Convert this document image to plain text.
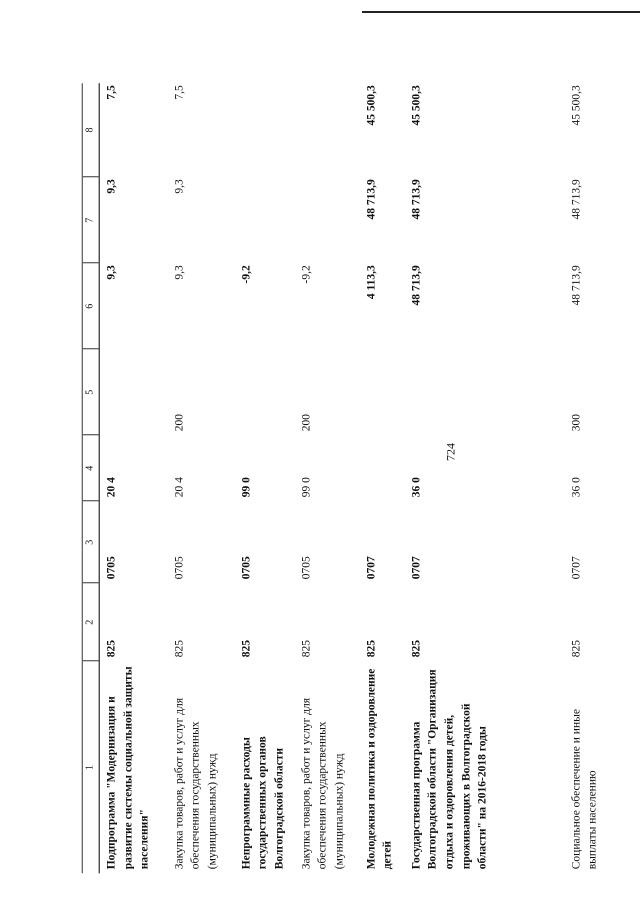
724
1	2	3	4	5	6	7	8
Подпрограмма "Модернизация и развитие системы социальной защиты населения"	825	0705	20 4		9,3	9,3	7,5
Закупка товаров, работ и услуг для обеспечения государственных (муниципальных) нужд	825	0705	20 4	200	9,3	9,3	7,5
Непрограммные расходы государственных органов Волгоградской области	825	0705	99 0		-9,2		
Закупка товаров, работ и услуг для обеспечения государственных (муниципальных) нужд	825	0705	99 0	200	-9,2		
Молодежная политика и оздоровление детей	825	0707			4 113,3	48 713,9	45 500,3
Государственная программа Волгоградской области "Организация отдыха и оздоровления детей, проживающих в Волгоградской области" на 2016-2018 годы	825	0707	36 0		48 713,9	48 713,9	45 500,3
Социальное обеспечение и иные выплаты населению	825	0707	36 0	300	48 713,9	48 713,9	45 500,3
